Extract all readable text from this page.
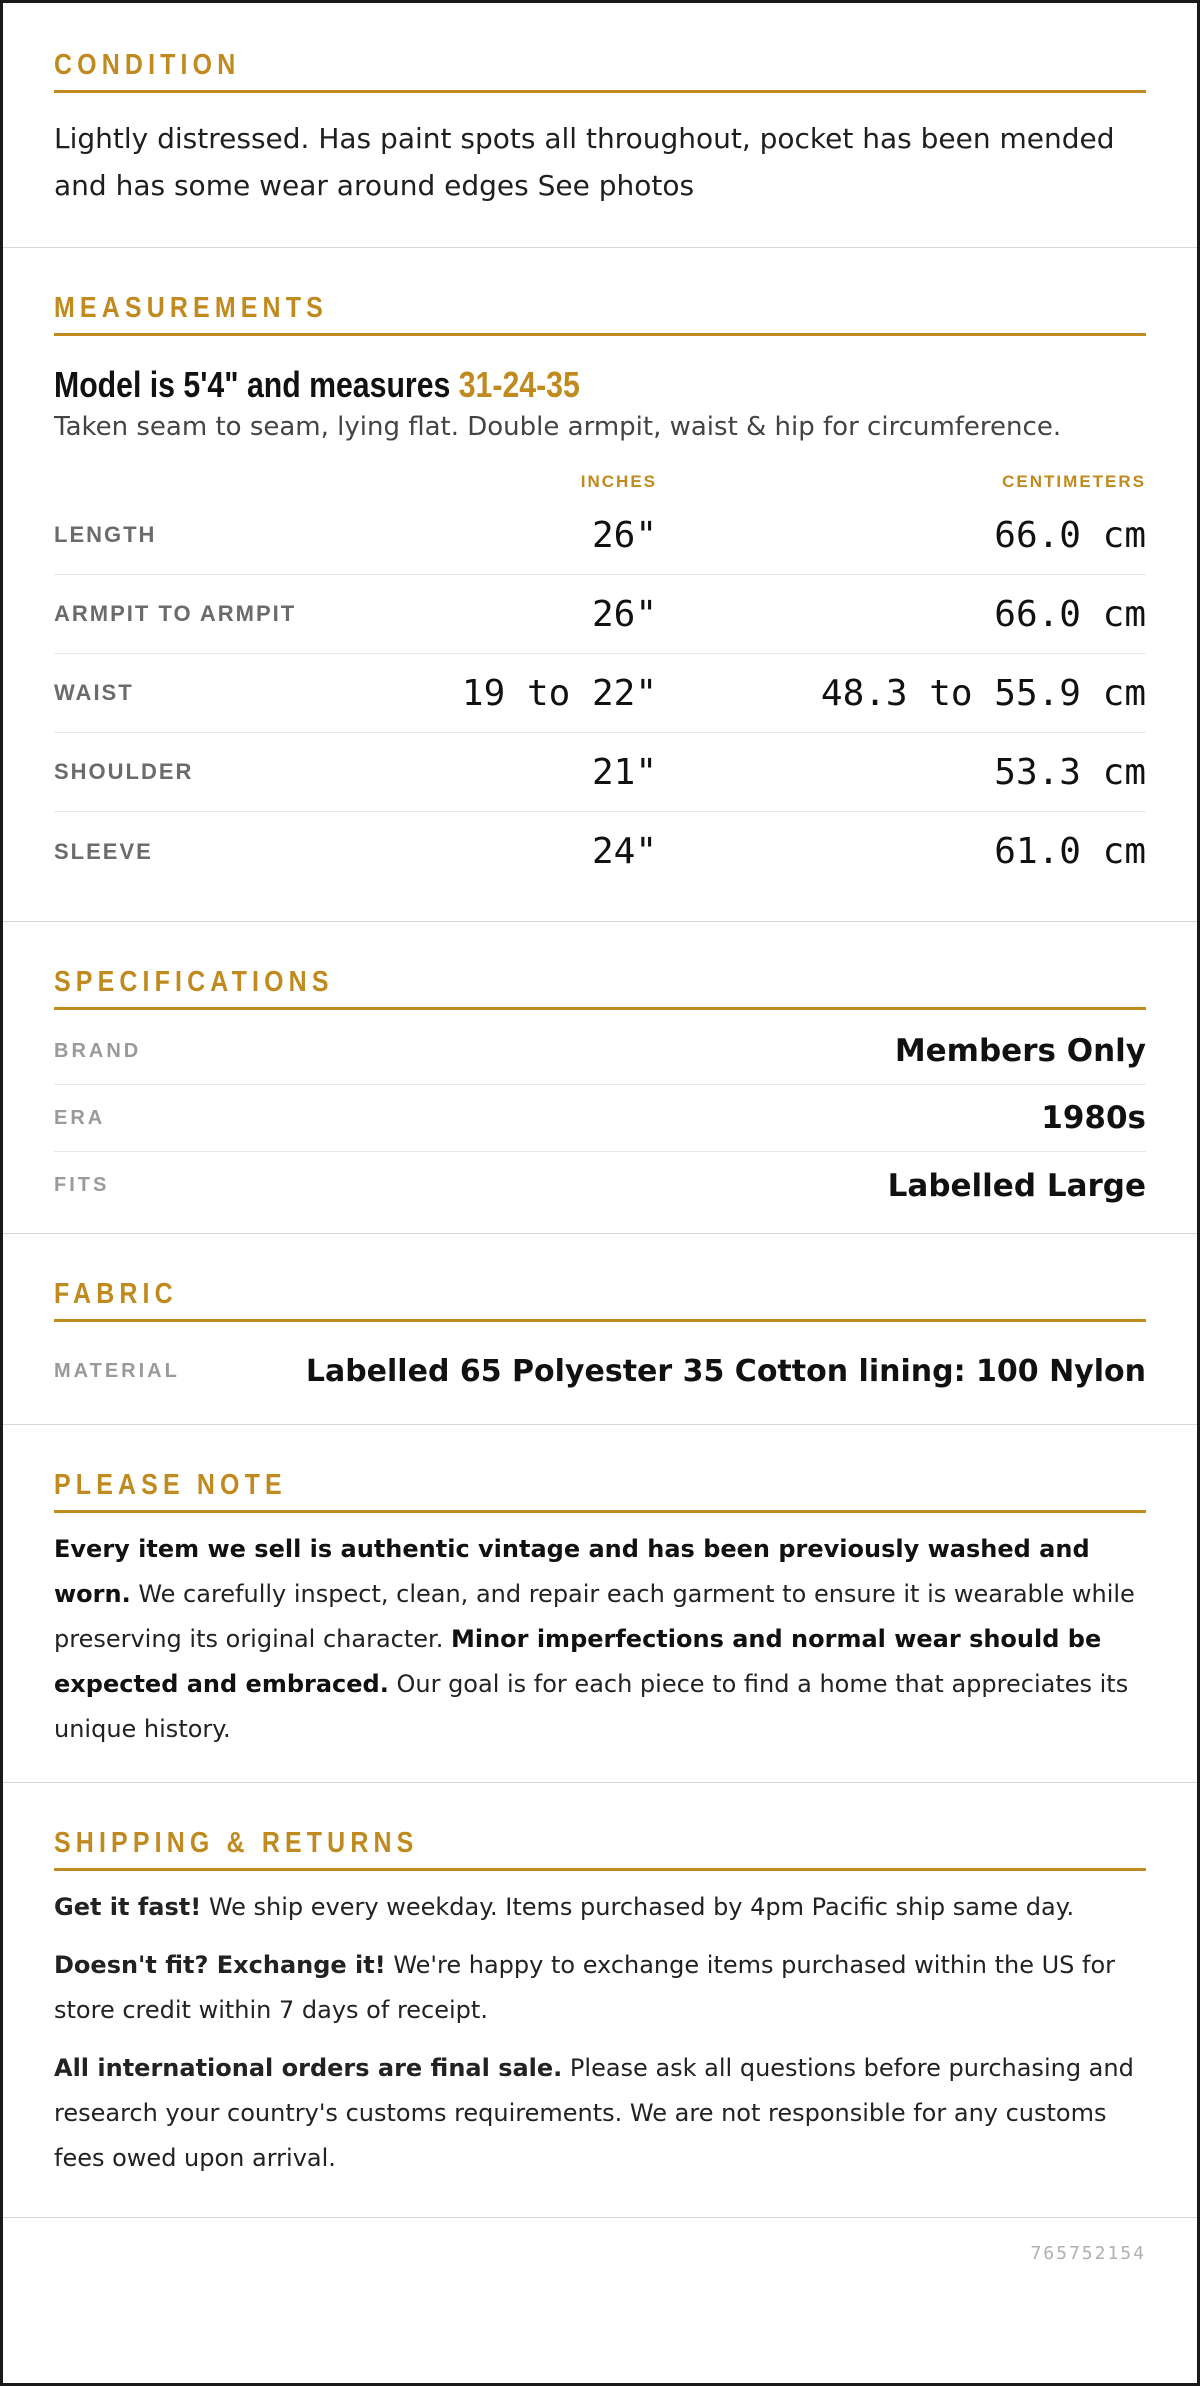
CONDITION
Lightly distressed. Has paint spots all throughout, pocket has been mended and has some wear around edges See photos
MEASUREMENTS
Model is 5'4" and measures 31-24-35
Taken seam to seam, lying flat. Double armpit, waist & hip for circumference.
INCHES	CENTIMETERS
LENGTH	26"	66.0 cm
ARMPIT TO ARMPIT	26"	66.0 cm
WAIST	19 to 22"	48.3 to 55.9 cm
SHOULDER	21"	53.3 cm
SLEEVE	24"	61.0 cm
SPECIFICATIONS
BRAND	Members Only
ERA	1980s
FITS	Labelled Large
FABRIC
MATERIAL	Labelled 65 Polyester 35 Cotton lining: 100 Nylon
PLEASE NOTE
Every item we sell is authentic vintage and has been previously washed and worn. We carefully inspect, clean, and repair each garment to ensure it is wearable while preserving its original character. Minor imperfections and normal wear should be expected and embraced. Our goal is for each piece to find a home that appreciates its unique history.
SHIPPING & RETURNS

Get it fast! We ship every weekday. Items purchased by 4pm Pacific ship same day.

Doesn't fit? Exchange it! We're happy to exchange items purchased within the US for store credit within 7 days of receipt.

All international orders are final sale. Please ask all questions before purchasing and research your country's customs requirements. We are not responsible for any customs fees owed upon arrival.

765752154
